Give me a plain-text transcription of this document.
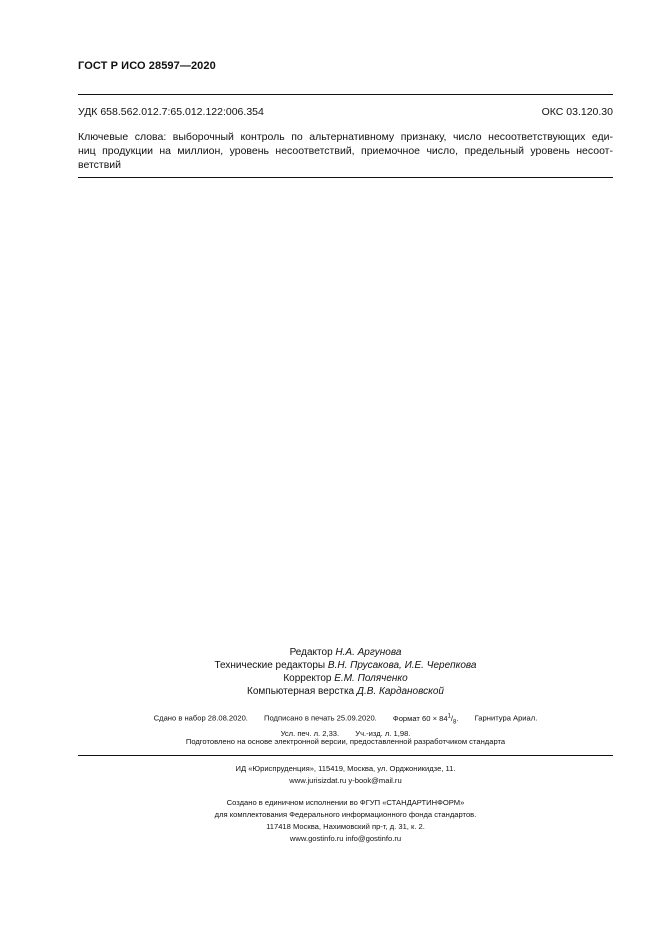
ГОСТ Р ИСО 28597—2020
УДК 658.562.012.7:65.012.122:006.354	ОКС 03.120.30
Ключевые слова: выборочный контроль по альтернативному признаку, число несоответствующих еди-
ниц продукции на миллион, уровень несоответствий, приемочное число, предельный уровень несоот-
ветствий
Редактор Н.А. Аргунова
Технические редакторы В.Н. Прусакова, И.Е. Черепкова
Корректор Е.М. Поляченко
Компьютерная верстка Д.В. Кардановской
Сдано в набор 28.08.2020. Подписано в печать 25.09.2020. Формат $60 \times 84^1/_8$. Гарнитура Ариал.
Усл. печ. л. 2,33. Уч.-изд. л. 1,98.
Подготовлено на основе электронной версии, предоставленной разработчиком стандарта
ИД «Юриспруденция», 115419, Москва, ул. Орджоникидзе, 11.
www.jurisizdat.ru y-book@mail.ru
Создано в единичном исполнении во ФГУП «СТАНДАРТИНФОРМ»
для комплектования Федерального информационного фонда стандартов.
117418 Москва, Нахимовский пр-т, д. 31, к. 2.
www.gostinfo.ru info@gostinfo.ru
